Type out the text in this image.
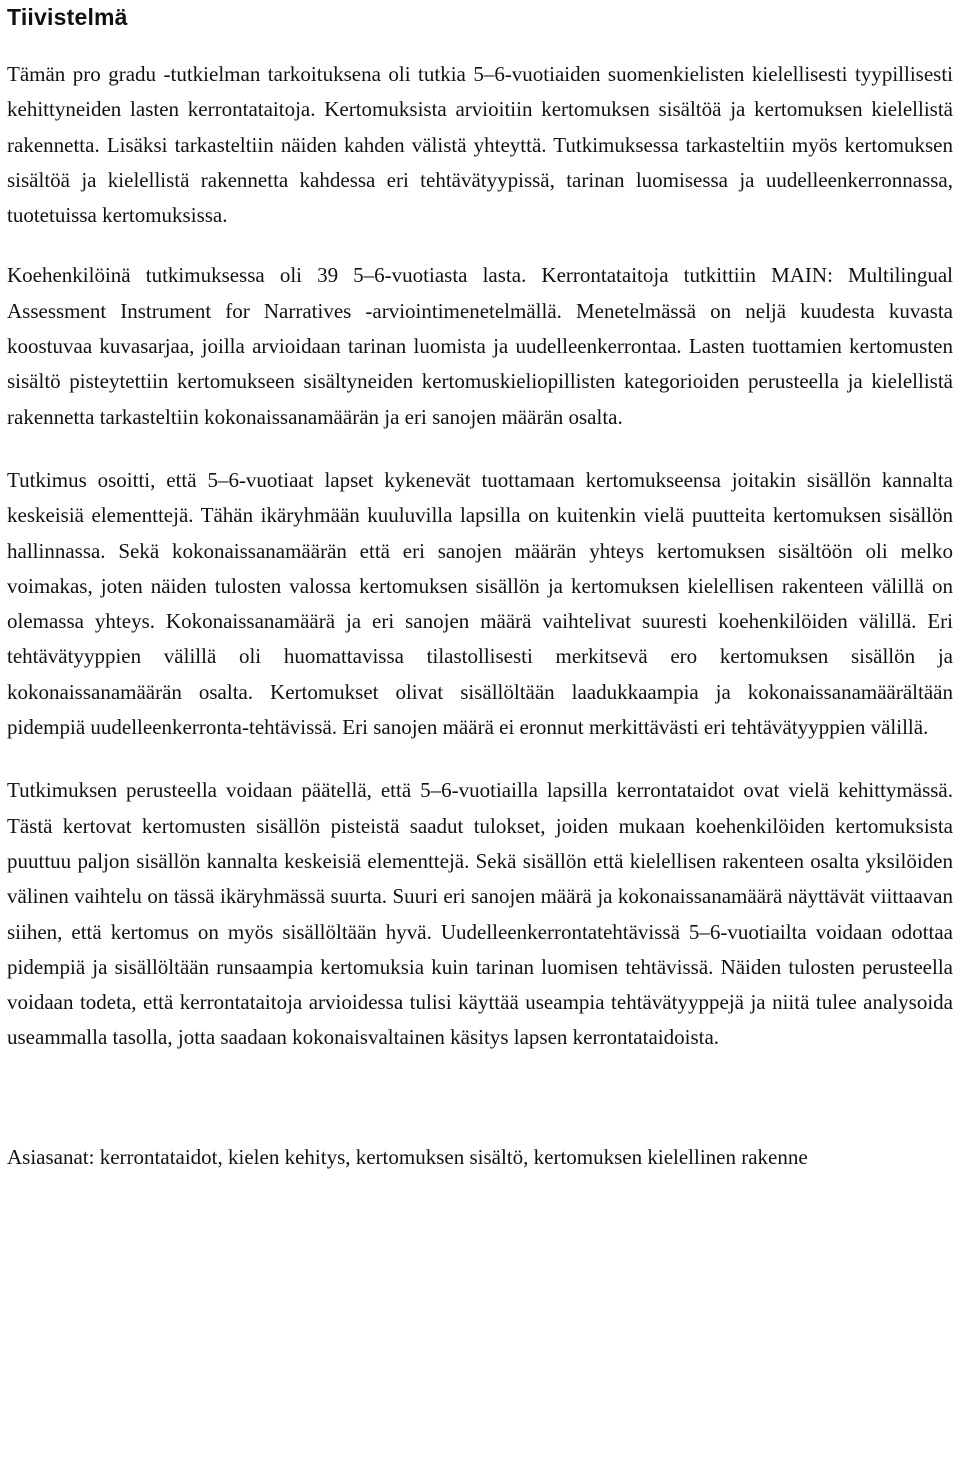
Tiivistelmä

Tämän pro gradu -tutkielman tarkoituksena oli tutkia 5–6-vuotiaiden suomenkielisten kielellisesti tyypillisesti kehittyneiden lasten kerrontataitoja. Kertomuksista arvioitiin kertomuksen sisältöä ja kertomuksen kielellistä rakennetta. Lisäksi tarkasteltiin näiden kahden välistä yhteyttä. Tutkimuksessa tarkasteltiin myös kertomuksen sisältöä ja kielellistä rakennetta kahdessa eri tehtävätyypissä, tarinan luomisessa ja uudelleenkerronnassa, tuotetuissa kertomuksissa.

Koehenkilöinä tutkimuksessa oli 39 5–6-vuotiasta lasta. Kerrontataitoja tutkittiin MAIN: Multilingual Assessment Instrument for Narratives -arviointimenetelmällä. Menetelmässä on neljä kuudesta kuvasta koostuvaa kuvasarjaa, joilla arvioidaan tarinan luomista ja uudelleenkerrontaa. Lasten tuottamien kertomusten sisältö pisteytettiin kertomukseen sisältyneiden kertomuskieliopillisten kategorioiden perusteella ja kielellistä rakennetta tarkasteltiin kokonaissanamäärän ja eri sanojen määrän osalta.

Tutkimus osoitti, että 5–6-vuotiaat lapset kykenevät tuottamaan kertomukseensa joitakin sisällön kannalta keskeisiä elementtejä. Tähän ikäryhmään kuuluvilla lapsilla on kuitenkin vielä puutteita kertomuksen sisällön hallinnassa. Sekä kokonaissanamäärän että eri sanojen määrän yhteys kertomuksen sisältöön oli melko voimakas, joten näiden tulosten valossa kertomuksen sisällön ja kertomuksen kielellisen rakenteen välillä on olemassa yhteys. Kokonaissanamäärä ja eri sanojen määrä vaihtelivat suuresti koehenkilöiden välillä. Eri tehtävätyyppien välillä oli huomattavissa tilastollisesti merkitsevä ero kertomuksen sisällön ja kokonaissanamäärän osalta. Kertomukset olivat sisällöltään laadukkaampia ja kokonaissanamäärältään pidempiä uudelleenkerronta-tehtävissä. Eri sanojen määrä ei eronnut merkittävästi eri tehtävätyyppien välillä.

Tutkimuksen perusteella voidaan päätellä, että 5–6-vuotiailla lapsilla kerrontataidot ovat vielä kehittymässä. Tästä kertovat kertomusten sisällön pisteistä saadut tulokset, joiden mukaan koehenkilöiden kertomuksista puuttuu paljon sisällön kannalta keskeisiä elementtejä. Sekä sisällön että kielellisen rakenteen osalta yksilöiden välinen vaihtelu on tässä ikäryhmässä suurta. Suuri eri sanojen määrä ja kokonaissanamäärä näyttävät viittaavan siihen, että kertomus on myös sisällöltään hyvä. Uudelleenkerrontatehtävissä 5–6-vuotiailta voidaan odottaa pidempiä ja sisällöltään runsaampia kertomuksia kuin tarinan luomisen tehtävissä. Näiden tulosten perusteella voidaan todeta, että kerrontataitoja arvioidessa tulisi käyttää useampia tehtävätyyppejä ja niitä tulee analysoida useammalla tasolla, jotta saadaan kokonaisvaltainen käsitys lapsen kerrontataidoista.

Asiasanat: kerrontataidot, kielen kehitys, kertomuksen sisältö, kertomuksen kielellinen rakenne
